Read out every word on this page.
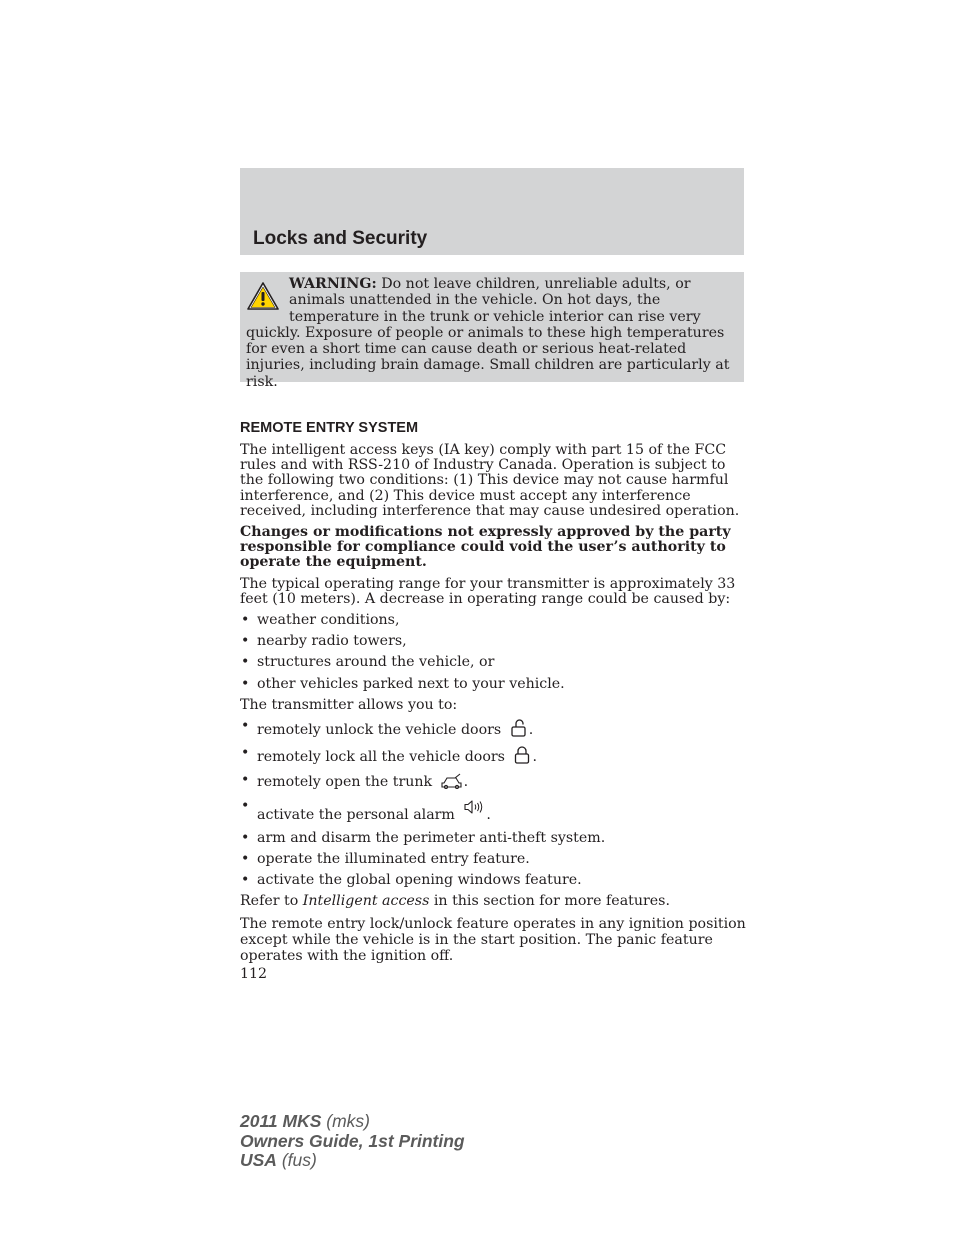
Locks and Security
WARNING: Do not leave children, unreliable adults, or animals unattended in the vehicle. On hot days, the temperature in the trunk or vehicle interior can rise very quickly. Exposure of people or animals to these high temperatures for even a short time can cause death or serious heat-related injuries, including brain damage. Small children are particularly at risk.
REMOTE ENTRY SYSTEM

The intelligent access keys (IA key) comply with part 15 of the FCC rules and with RSS-210 of Industry Canada. Operation is subject to the following two conditions: (1) This device may not cause harmful interference, and (2) This device must accept any interference received, including interference that may cause undesired operation.

Changes or modifications not expressly approved by the party responsible for compliance could void the user’s authority to operate the equipment.

The typical operating range for your transmitter is approximately 33 feet (10 meters). A decrease in operating range could be caused by:

• weather conditions,
• nearby radio towers,
• structures around the vehicle, or
• other vehicles parked next to your vehicle.

The transmitter allows you to:

• remotely unlock the vehicle doors .
• remotely lock all the vehicle doors .
• remotely open the trunk .
• activate the personal alarm .
• arm and disarm the perimeter anti-theft system.
• operate the illuminated entry feature.
• activate the global opening windows feature.

Refer to Intelligent access in this section for more features.

The remote entry lock/unlock feature operates in any ignition position except while the vehicle is in the start position. The panic feature operates with the ignition off.

112
2011 MKS (mks)
Owners Guide, 1st Printing
USA (fus)
